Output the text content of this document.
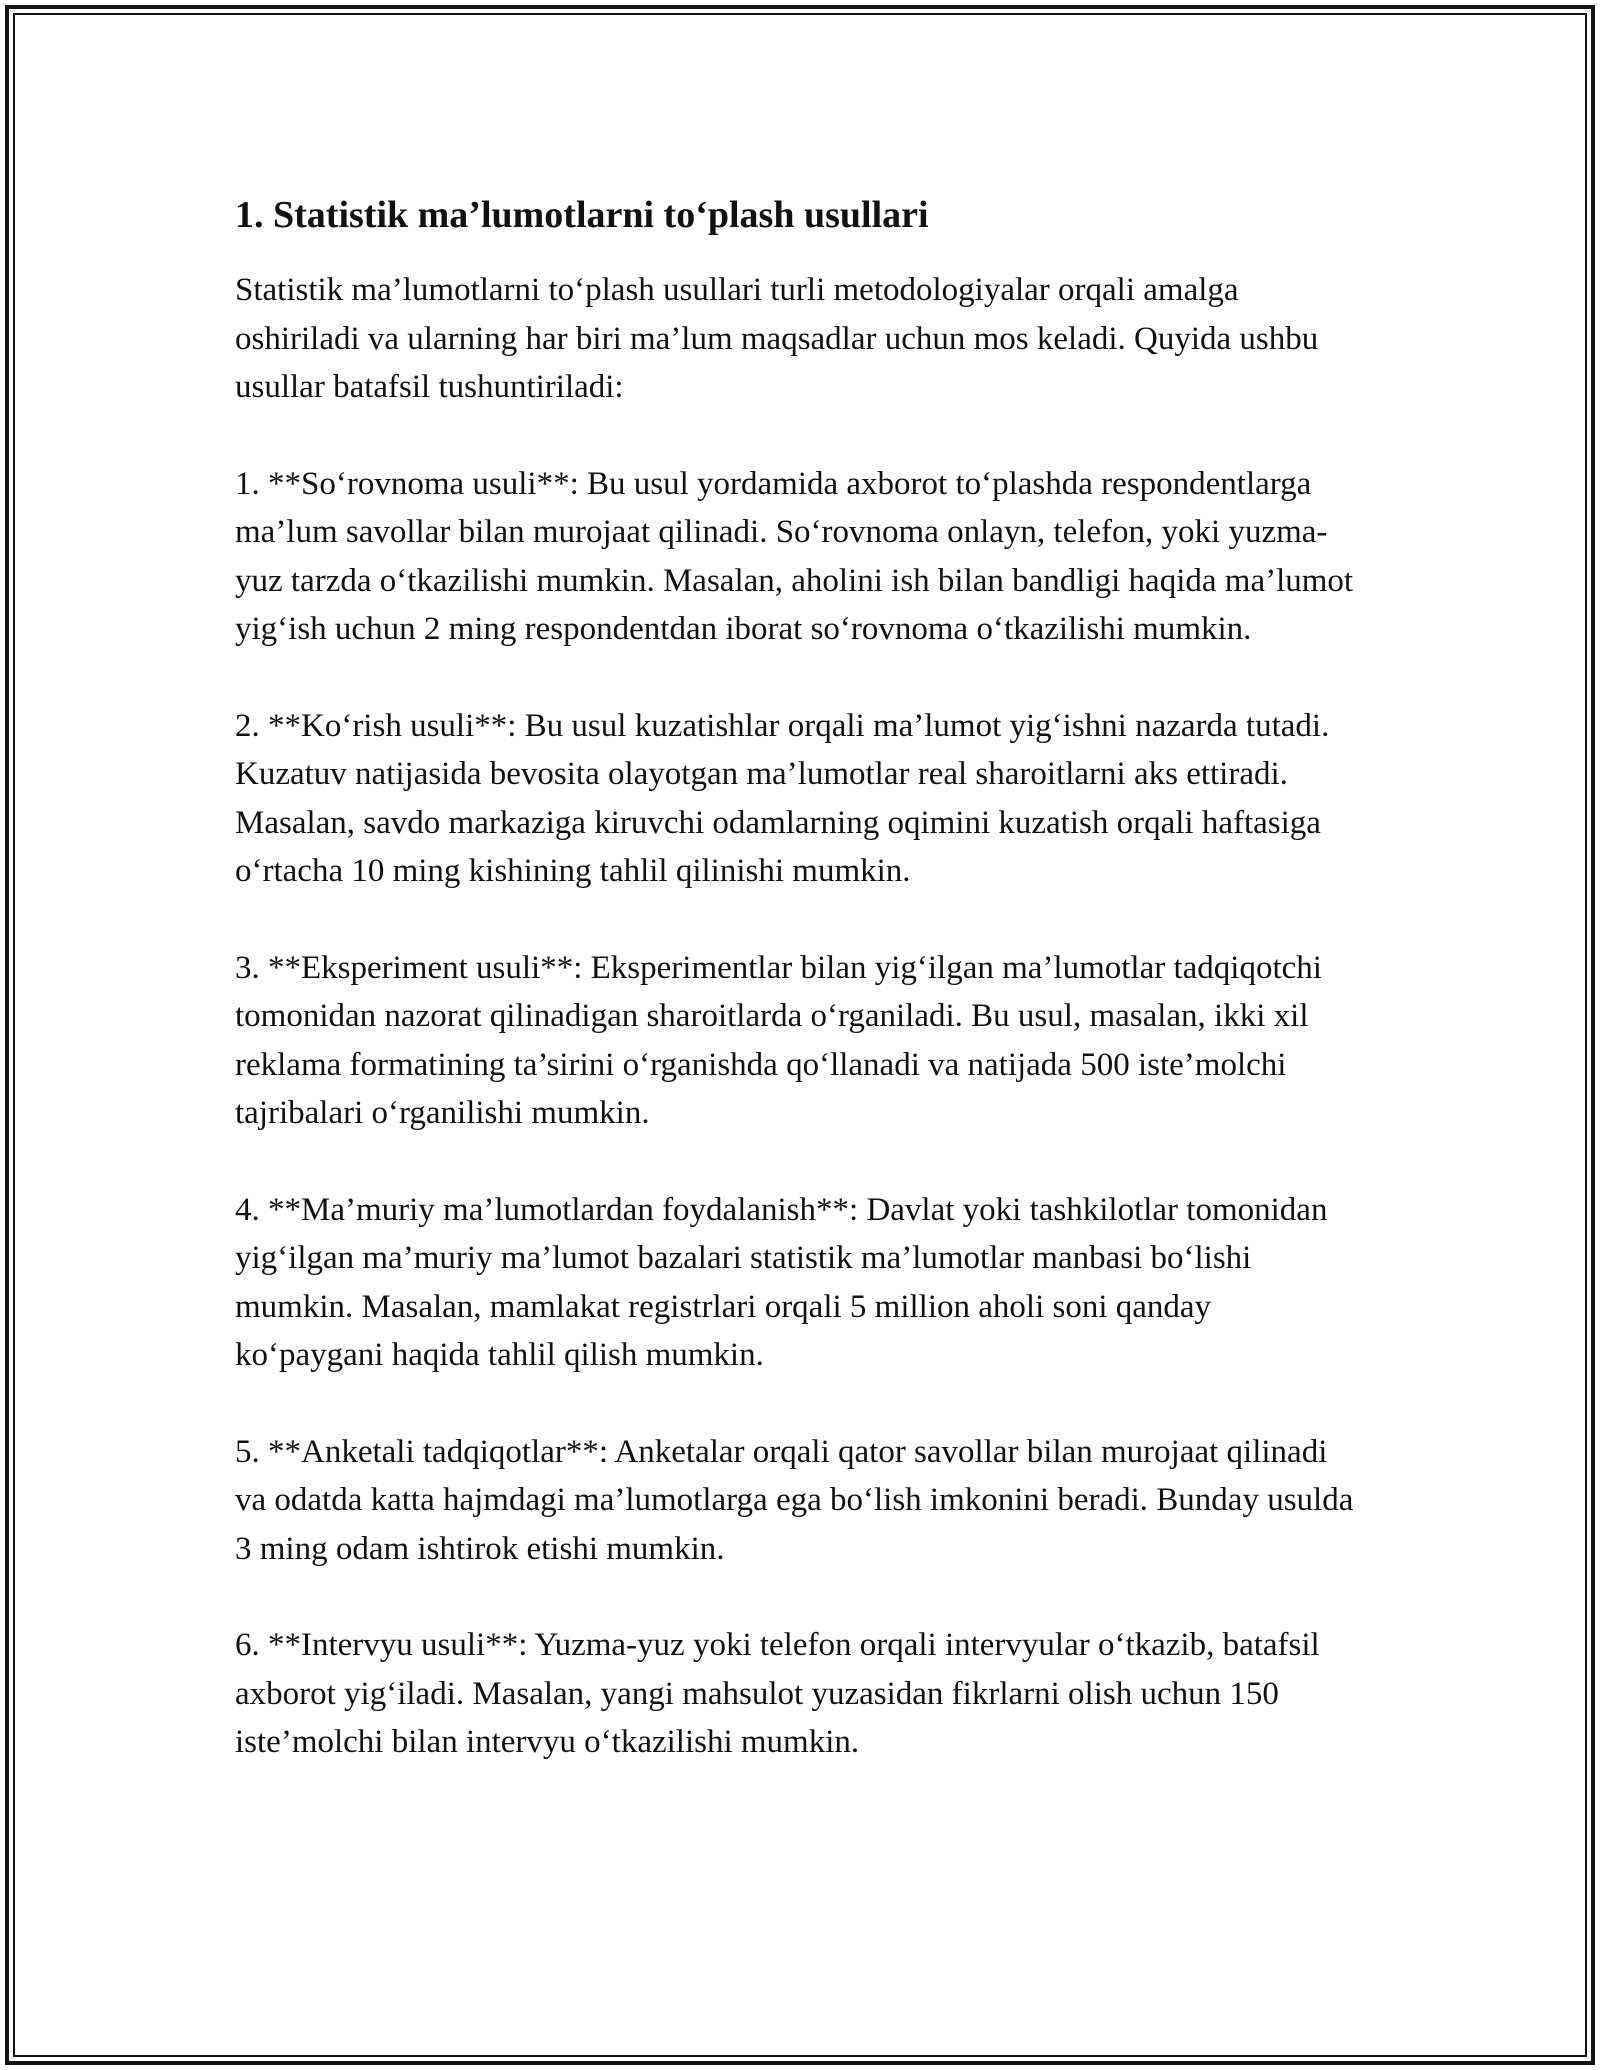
1. Statistik ma’lumotlarni to‘plash usullari

Statistik ma’lumotlarni to‘plash usullari turli metodologiyalar orqali amalga oshiriladi va ularning har biri ma’lum maqsadlar uchun mos keladi. Quyida ushbu usullar batafsil tushuntiriladi:

1. **So‘rovnoma usuli**: Bu usul yordamida axborot to‘plashda respondentlarga ma’lum savollar bilan murojaat qilinadi. So‘rovnoma onlayn, telefon, yoki yuzma-yuz tarzda o‘tkazilishi mumkin. Masalan, aholini ish bilan bandligi haqida ma’lumot yig‘ish uchun 2 ming respondentdan iborat so‘rovnoma o‘tkazilishi mumkin.

2. **Ko‘rish usuli**: Bu usul kuzatishlar orqali ma’lumot yig‘ishni nazarda tutadi. Kuzatuv natijasida bevosita olayotgan ma’lumotlar real sharoitlarni aks ettiradi. Masalan, savdo markaziga kiruvchi odamlarning oqimini kuzatish orqali haftasiga o‘rtacha 10 ming kishining tahlil qilinishi mumkin.

3. **Eksperiment usuli**: Eksperimentlar bilan yig‘ilgan ma’lumotlar tadqiqotchi tomonidan nazorat qilinadigan sharoitlarda o‘rganiladi. Bu usul, masalan, ikki xil reklama formatining ta’sirini o‘rganishda qo‘llanadi va natijada 500 iste’molchi tajribalari o‘rganilishi mumkin.

4. **Ma’muriy ma’lumotlardan foydalanish**: Davlat yoki tashkilotlar tomonidan yig‘ilgan ma’muriy ma’lumot bazalari statistik ma’lumotlar manbasi bo‘lishi mumkin. Masalan, mamlakat registrlari orqali 5 million aholi soni qanday ko‘paygani haqida tahlil qilish mumkin.

5. **Anketali tadqiqotlar**: Anketalar orqali qator savollar bilan murojaat qilinadi va odatda katta hajmdagi ma’lumotlarga ega bo‘lish imkonini beradi. Bunday usulda 3 ming odam ishtirok etishi mumkin.

6. **Intervyu usuli**: Yuzma-yuz yoki telefon orqali intervyular o‘tkazib, batafsil axborot yig‘iladi. Masalan, yangi mahsulot yuzasidan fikrlarni olish uchun 150 iste’molchi bilan intervyu o‘tkazilishi mumkin.
